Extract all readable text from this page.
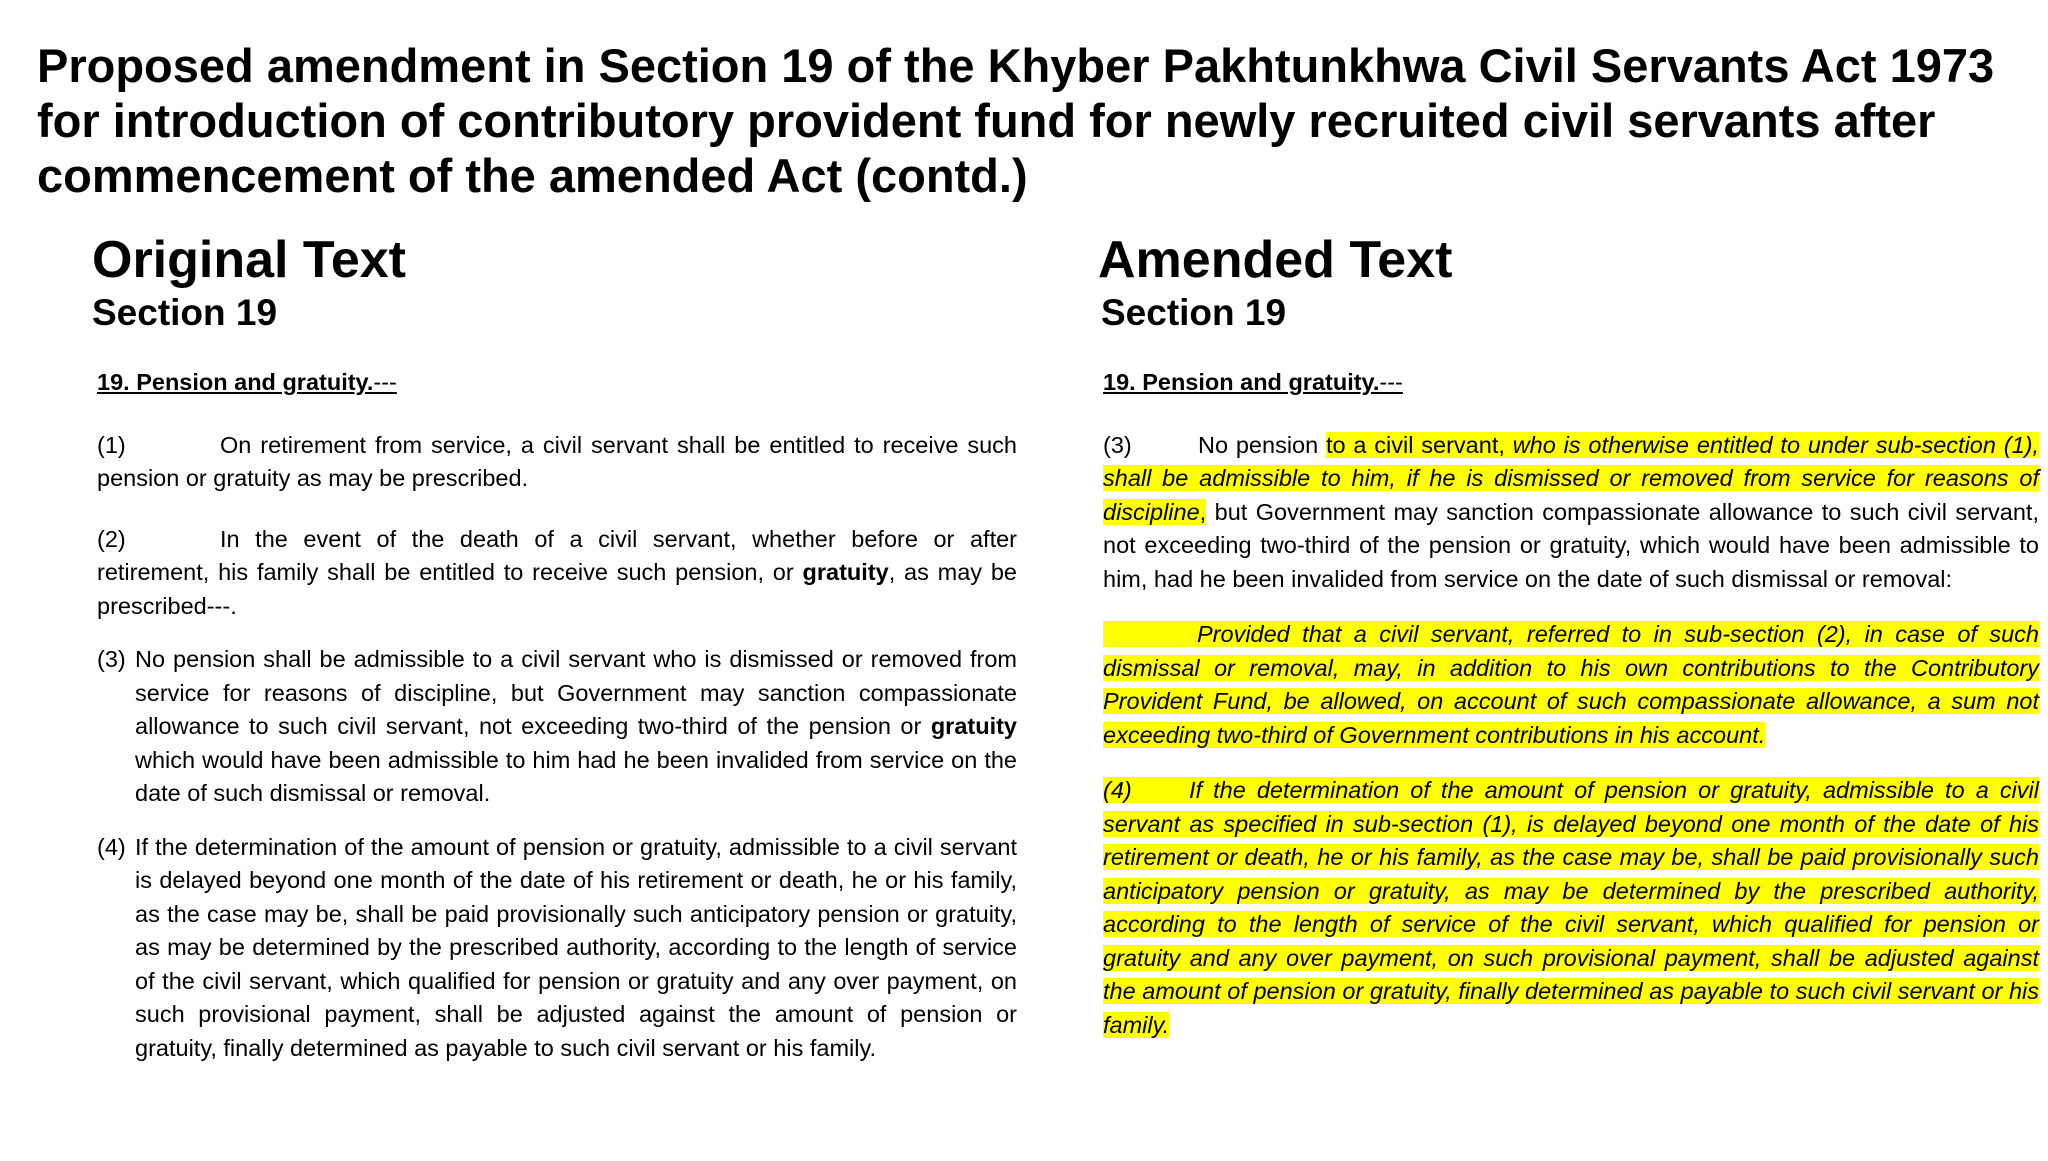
Proposed amendment in Section 19 of the Khyber Pakhtunkhwa Civil Servants Act 1973 for introduction of contributory provident fund for newly recruited civil servants after commencement of the amended Act (contd.)
Original Text
Section 19
Amended Text
Section 19

19. Pension and gratuity.---

(1)	On retirement from service, a civil servant shall be entitled to receive such pension or gratuity as may be prescribed.

(2)	In the event of the death of a civil servant, whether before or after retirement, his family shall be entitled to receive such pension, or gratuity, as may be prescribed---.

(3) No pension shall be admissible to a civil servant who is dismissed or removed from service for reasons of discipline, but Government may sanction compassionate allowance to such civil servant, not exceeding two-third of the pension or gratuity which would have been admissible to him had he been invalided from service on the date of such dismissal or removal.
(4) If the determination of the amount of pension or gratuity, admissible to a civil servant is delayed beyond one month of the date of his retirement or death, he or his family, as the case may be, shall be paid provisionally such anticipatory pension or gratuity, as may be determined by the prescribed authority, according to the length of service of the civil servant, which qualified for pension or gratuity and any over payment, on such provisional payment, shall be adjusted against the amount of pension or gratuity, finally determined as payable to such civil servant or his family.

19. Pension and gratuity.---

(3)	No pension to a civil servant, who is otherwise entitled to under sub-section (1), shall be admissible to him, if he is dismissed or removed from service for reasons of discipline, but Government may sanction compassionate allowance to such civil servant, not exceeding two-third of the pension or gratuity, which would have been admissible to him, had he been invalided from service on the date of such dismissal or removal:

Provided that a civil servant, referred to in sub-section (2), in case of such dismissal or removal, may, in addition to his own contributions to the Contributory Provident Fund, be allowed, on account of such compassionate allowance, a sum not exceeding two-third of Government contributions in his account.

(4) If the determination of the amount of pension or gratuity, admissible to a civil servant as specified in sub-section (1), is delayed beyond one month of the date of his retirement or death, he or his family, as the case may be, shall be paid provisionally such anticipatory pension or gratuity, as may be determined by the prescribed authority, according to the length of service of the civil servant, which qualified for pension or gratuity and any over payment, on such provisional payment, shall be adjusted against the amount of pension or gratuity, finally determined as payable to such civil servant or his family.
